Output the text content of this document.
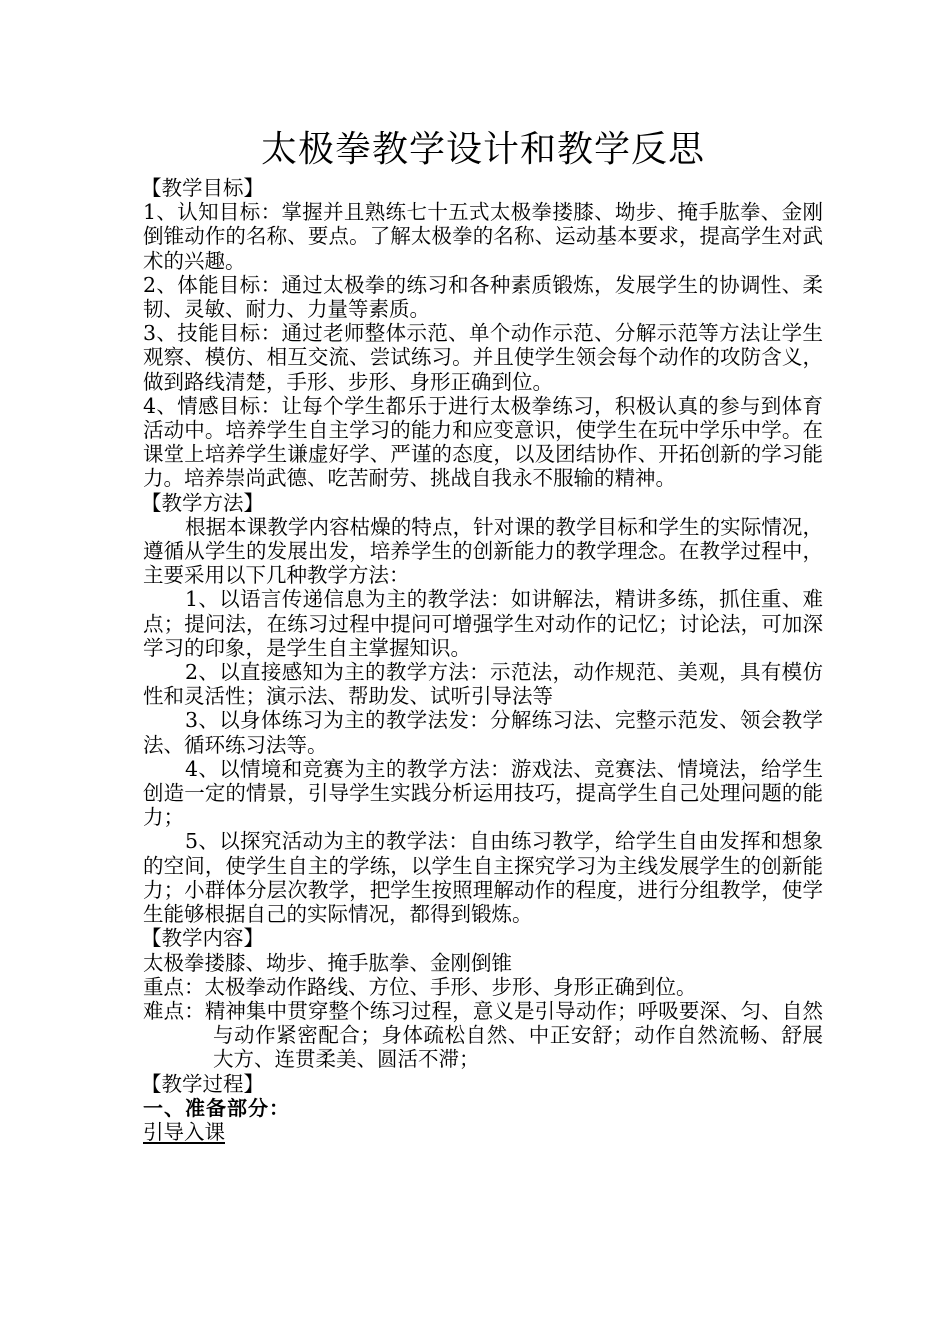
太极拳教学设计和教学反思

【教学目标】

1、认知目标：掌握并且熟练七十五式太极拳搂膝、坳步、掩手肱拳、金刚倒锥动作的名称、要点。了解太极拳的名称、运动基本要求，提高学生对武术的兴趣。

2、体能目标：通过太极拳的练习和各种素质锻炼，发展学生的协调性、柔韧、灵敏、耐力、力量等素质。

3、技能目标：通过老师整体示范、单个动作示范、分解示范等方法让学生观察、模仿、相互交流、尝试练习。并且使学生领会每个动作的攻防含义，做到路线清楚，手形、步形、身形正确到位。

4、情感目标：让每个学生都乐于进行太极拳练习，积极认真的参与到体育活动中。培养学生自主学习的能力和应变意识，使学生在玩中学乐中学。在课堂上培养学生谦虚好学、严谨的态度，以及团结协作、开拓创新的学习能力。培养崇尚武德、吃苦耐劳、挑战自我永不服输的精神。

【教学方法】

根据本课教学内容枯燥的特点，针对课的教学目标和学生的实际情况，遵循从学生的发展出发，培养学生的创新能力的教学理念。在教学过程中，主要采用以下几种教学方法：

1、以语言传递信息为主的教学法：如讲解法，精讲多练，抓住重、难点；提问法，在练习过程中提问可增强学生对动作的记忆；讨论法，可加深学习的印象，是学生自主掌握知识。

2、以直接感知为主的教学方法：示范法，动作规范、美观，具有模仿性和灵活性；演示法、帮助发、试听引导法等

3、以身体练习为主的教学法发：分解练习法、完整示范发、领会教学法、循环练习法等。

4、以情境和竞赛为主的教学方法：游戏法、竞赛法、情境法，给学生创造一定的情景，引导学生实践分析运用技巧，提高学生自己处理问题的能力；

5、以探究活动为主的教学法：自由练习教学，给学生自由发挥和想象的空间，使学生自主的学练，以学生自主探究学习为主线发展学生的创新能力；小群体分层次教学，把学生按照理解动作的程度，进行分组教学，使学生能够根据自己的实际情况，都得到锻炼。

【教学内容】

太极拳搂膝、坳步、掩手肱拳、金刚倒锥

重点：太极拳动作路线、方位、手形、步形、身形正确到位。

难点：精神集中贯穿整个练习过程，意义是引导动作；呼吸要深、匀、自然与动作紧密配合；身体疏松自然、中正安舒；动作自然流畅、舒展大方、连贯柔美、圆活不滞；

【教学过程】

一、准备部分：

引导入课
